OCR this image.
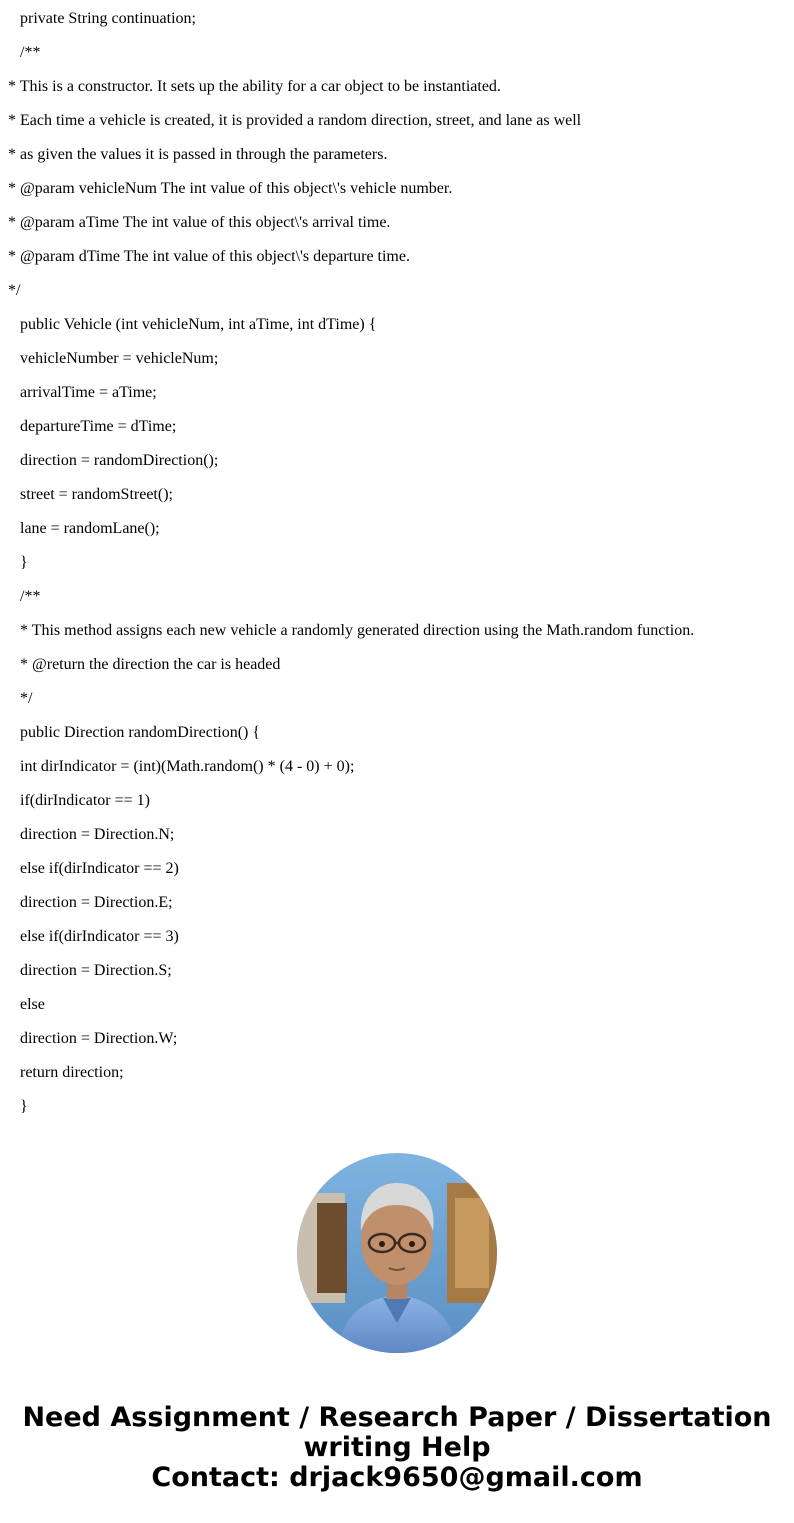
private String continuation;
/**
* This is a constructor. It sets up the ability for a car object to be instantiated.
* Each time a vehicle is created, it is provided a random direction, street, and lane as well
* as given the values it is passed in through the parameters.
* @param vehicleNum The int value of this object\'s vehicle number.
* @param aTime The int value of this object\'s arrival time.
* @param dTime The int value of this object\'s departure time.
*/
public Vehicle (int vehicleNum, int aTime, int dTime) {
vehicleNumber = vehicleNum;
arrivalTime = aTime;
departureTime = dTime;
direction = randomDirection();
street = randomStreet();
lane = randomLane();
}
/**
* This method assigns each new vehicle a randomly generated direction using the Math.random function.
* @return the direction the car is headed
*/
public Direction randomDirection() {
int dirIndicator = (int)(Math.random() * (4 - 0) + 0);
if(dirIndicator == 1)
direction = Direction.N;
else if(dirIndicator == 2)
direction = Direction.E;
else if(dirIndicator == 3)
direction = Direction.S;
else
direction = Direction.W;
return direction;
}
Need Assignment / Research Paper / Dissertation
writing Help
Contact: drjack9650@gmail.com
